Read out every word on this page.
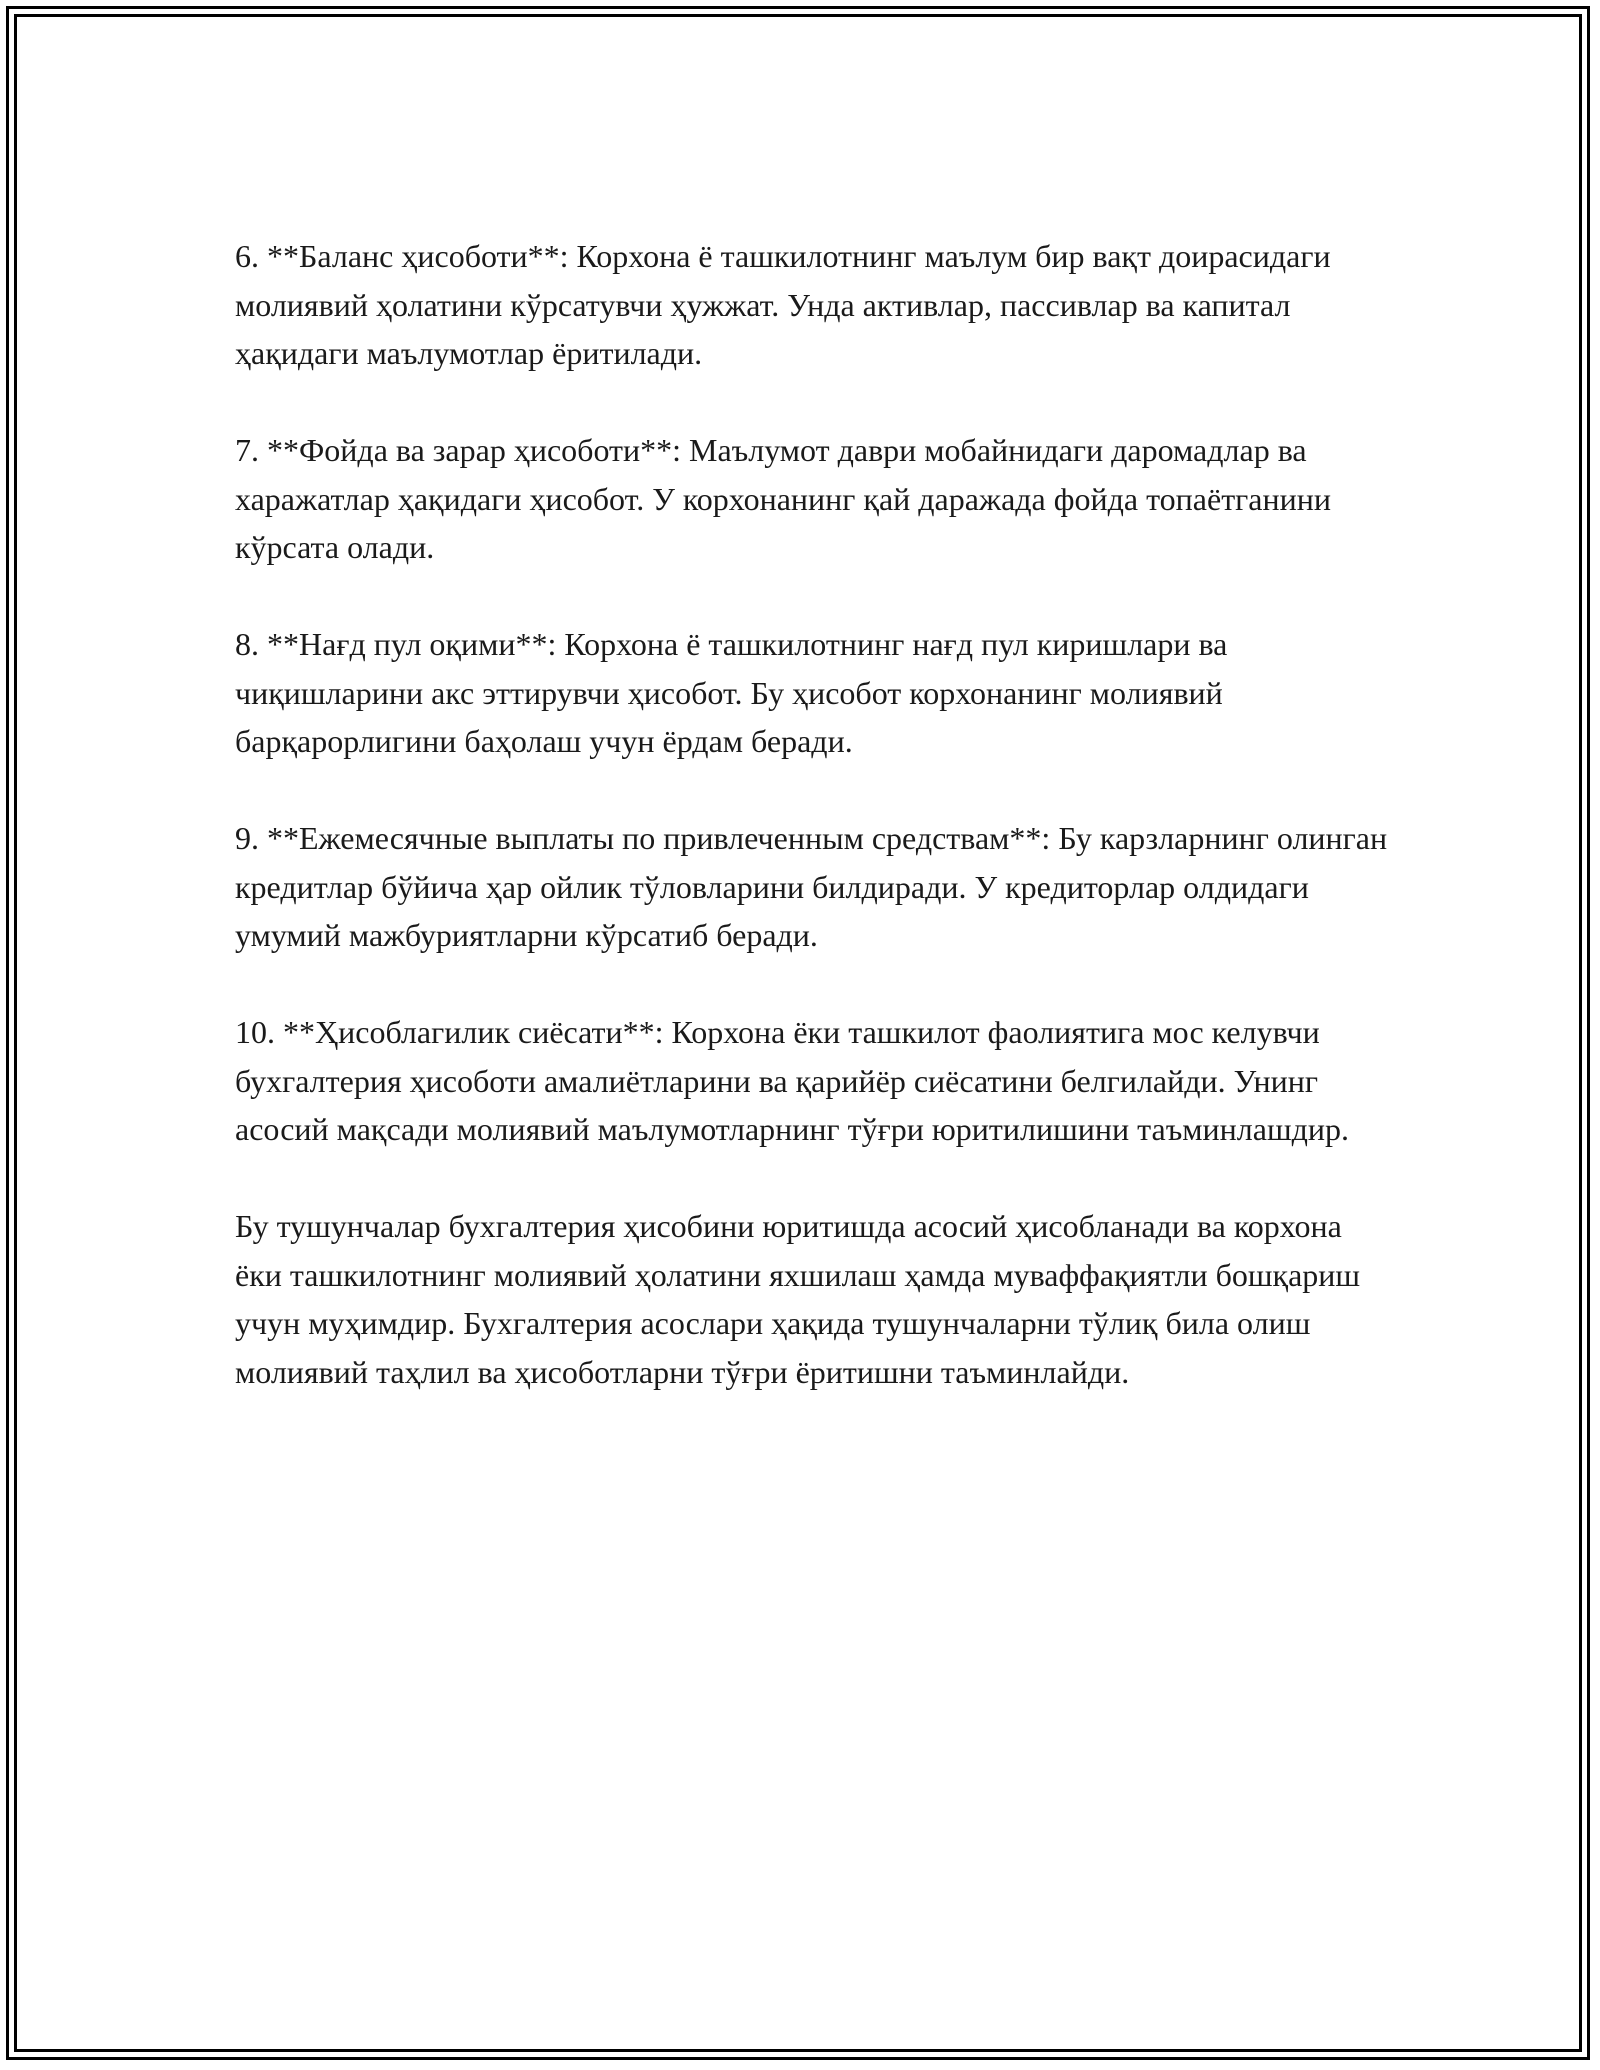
6. **Баланс ҳисоботи**: Корхона ё ташкилотнинг маълум бир вақт доирасидаги молиявий ҳолатини кўрсатувчи ҳужжат. Унда активлар, пассивлар ва капитал ҳақидаги маълумотлар ёритилади.

7. **Фойда ва зарар ҳисоботи**: Маълумот даври мобайнидаги даромадлар ва харажатлар ҳақидаги ҳисобот. У корхонанинг қай даражада фойда топаётганини кўрсата олади.

8. **Нағд пул оқими**: Корхона ё ташкилотнинг нағд пул киришлари ва чиқишларини акс эттирувчи ҳисобот. Бу ҳисобот корхонанинг молиявий барқарорлигини баҳолаш учун ёрдам беради.

9. **Ежемесячные выплаты по привлеченным средствам**: Бу карзларнинг олинган кредитлар бўйича ҳар ойлик тўловларини билдиради. У кредиторлар олдидаги умумий мажбуриятларни кўрсатиб беради.

10. **Ҳисоблагилик сиёсати**: Корхона ёки ташкилот фаолиятига мос келувчи бухгалтерия ҳисоботи амалиётларини ва қарийёр сиёсатини белгилайди. Унинг асосий мақсади молиявий маълумотларнинг тўғри юритилишини таъминлашдир.

Бу тушунчалар бухгалтерия ҳисобини юритишда асосий ҳисобланади ва корхона ёки ташкилотнинг молиявий ҳолатини яхшилаш ҳамда муваффақиятли бошқариш учун муҳимдир. Бухгалтерия асослари ҳақида тушунчаларни тўлиқ била олиш молиявий таҳлил ва ҳисоботларни тўғри ёритишни таъминлайди.
